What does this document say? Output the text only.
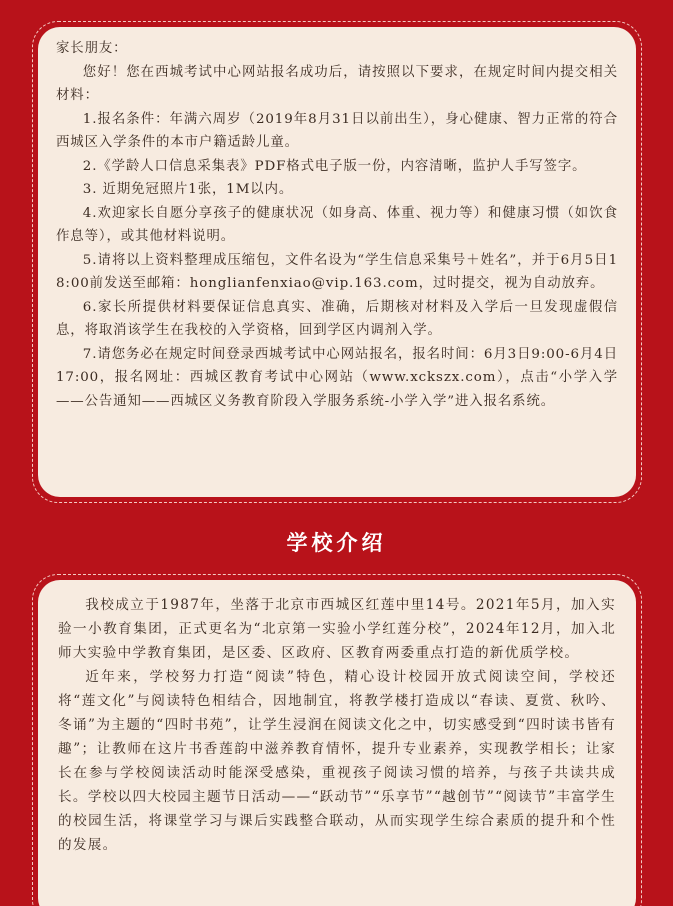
家长朋友：

您好！您在西城考试中心网站报名成功后，请按照以下要求，在规定时间内提交相关材料：

1.报名条件：年满六周岁（2019年8月31日以前出生），身心健康、智力正常的符合西城区入学条件的本市户籍适龄儿童。

2.《学龄人口信息采集表》PDF格式电子版一份，内容清晰，监护人手写签字。

3. 近期免冠照片1张，1M以内。

4.欢迎家长自愿分享孩子的健康状况（如身高、体重、视力等）和健康习惯（如饮食作息等），或其他材料说明。

5.请将以上资料整理成压缩包，文件名设为“学生信息采集号＋姓名”，并于6月5日18:00前发送至邮箱：honglianfenxiao@vip.163.com，过时提交，视为自动放弃。

6.家长所提供材料要保证信息真实、准确，后期核对材料及入学后一旦发现虚假信息，将取消该学生在我校的入学资格，回到学区内调剂入学。

7.请您务必在规定时间登录西城考试中心网站报名，报名时间：6月3日9:00-6月4日17:00，报名网址：西城区教育考试中心网站（www.xckszx.com），点击“小学入学——公告通知——西城区义务教育阶段入学服务系统-小学入学”进入报名系统。

学校介绍

我校成立于1987年，坐落于北京市西城区红莲中里14号。2021年5月，加入实验一小教育集团，正式更名为“北京第一实验小学红莲分校”，2024年12月，加入北师大实验中学教育集团，是区委、区政府、区教育两委重点打造的新优质学校。

近年来，学校努力打造“阅读”特色，精心设计校园开放式阅读空间，学校还将“莲文化”与阅读特色相结合，因地制宜，将教学楼打造成以“春读、夏赏、秋吟、冬诵”为主题的“四时书苑”，让学生浸润在阅读文化之中，切实感受到“四时读书皆有趣”；让教师在这片书香莲韵中滋养教育情怀，提升专业素养，实现教学相长；让家长在参与学校阅读活动时能深受感染，重视孩子阅读习惯的培养，与孩子共读共成长。学校以四大校园主题节日活动——“跃动节”“乐享节”“越创节”“阅读节”丰富学生的校园生活，将课堂学习与课后实践整合联动，从而实现学生综合素质的提升和个性的发展。
